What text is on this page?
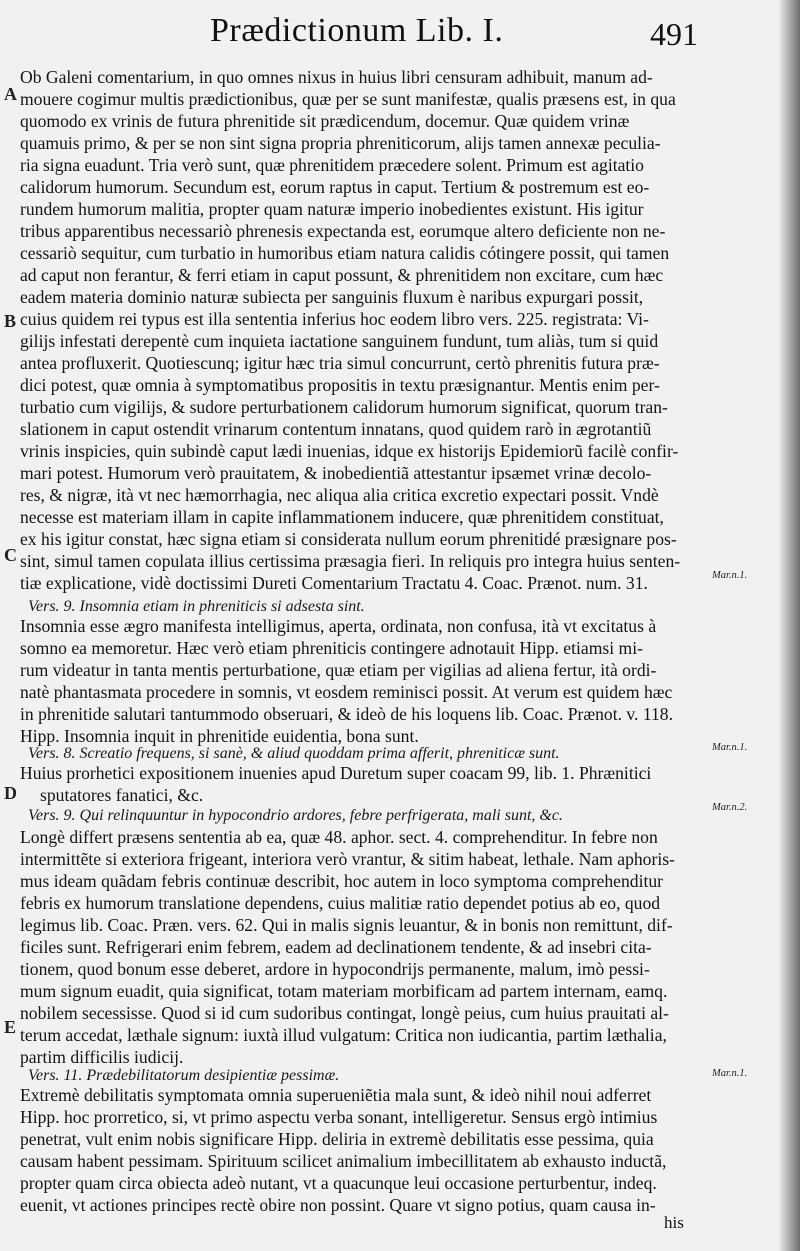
Prædictionum Lib. I.	491
A
B
C
D
E
Ob Galeni comentarium, in quo omnes nixus in huius libri censuram adhibuit, manum ad-
mouere cogimur multis prædictionibus, quæ per se sunt manifestæ, qualis præsens est, in qua
quomodo ex vrinis de futura phrenitide sit prædicendum, docemur. Quæ quidem vrinæ
quamuis primo, & per se non sint signa propria phreniticorum, alijs tamen annexæ peculia-
ria signa euadunt. Tria verò sunt, quæ phrenitidem præcedere solent. Primum est agitatio
calidorum humorum. Secundum est, eorum raptus in caput. Tertium & postremum est eo-
rundem humorum malitia, propter quam naturæ imperio inobedientes existunt. His igitur
tribus apparentibus necessariò phrenesis expectanda est, eorumque altero deficiente non ne-
cessariò sequitur, cum turbatio in humoribus etiam natura calidis cótingere possit, qui tamen
ad caput non ferantur, & ferri etiam in caput possunt, & phrenitidem non excitare, cum hæc
eadem materia dominio naturæ subiecta per sanguinis fluxum è naribus expurgari possit,
cuius quidem rei typus est illa sententia inferius hoc eodem libro vers. 225. registrata: Vi-
gilijs infestati derepentè cum inquieta iactatione sanguinem fundunt, tum aliàs, tum si quid
antea profluxerit. Quotiescunq; igitur hæc tria simul concurrunt, certò phrenitis futura præ-
dici potest, quæ omnia à symptomatibus propositis in textu præsignantur. Mentis enim per-
turbatio cum vigilijs, & sudore perturbationem calidorum humorum significat, quorum tran-
slationem in caput ostendit vrinarum contentum innatans, quod quidem rarò in ægrotantiũ
vrinis inspicies, quin subindè caput lædi inuenias, idque ex historijs Epidemiorũ facilè confir-
mari potest. Humorum verò prauitatem, & inobedientiã attestantur ipsæmet vrinæ decolo-
res, & nigræ, ità vt nec hæmorrhagia, nec aliqua alia critica excretio expectari possit. Vndè
necesse est materiam illam in capite inflammationem inducere, quæ phrenitidem constituat,
ex his igitur constat, hæc signa etiam si considerata nullum eorum phrenitidé præsignare pos-
sint, simul tamen copulata illius certissima præsagia fieri. In reliquis pro integra huius senten-
tiæ explicatione, vidè doctissimi Dureti Comentarium Tractatu 4. Coac. Prænot. num. 31.
Vers. 9. Insomnia etiam in phreniticis si adsesta sint.
Insomnia esse ægro manifesta intelligimus, aperta, ordinata, non confusa, ità vt excitatus à
somno ea memoretur. Hæc verò etiam phreniticis contingere adnotauit Hipp. etiamsi mi-
rum videatur in tanta mentis perturbatione, quæ etiam per vigilias ad aliena fertur, ità ordi-
natè phantasmata procedere in somnis, vt eosdem reminisci possit. At verum est quidem hæc
in phrenitide salutari tantummodo obseruari, & ideò de his loquens lib. Coac. Prænot. v. 118.
Hipp. Insomnia inquit in phrenitide euidentia, bona sunt.
Vers. 8. Screatio frequens, si sanè, & aliud quoddam prima afferit, phreniticæ sunt.
Huius prorhetici expositionem inuenies apud Duretum super coacam 99, lib. 1. Phrænitici
sputatores fanatici, &c.
Vers. 9. Qui relinquuntur in hypocondrio ardores, febre perfrigerata, mali sunt, &c.
Longè differt præsens sententia ab ea, quæ 48. aphor. sect. 4. comprehenditur. In febre non
intermittẽte si exteriora frigeant, interiora verò vrantur, & sitim habeat, lethale. Nam aphoris-
mus ideam quãdam febris continuæ describit, hoc autem in loco symptoma comprehenditur
febris ex humorum translatione dependens, cuius malitiæ ratio dependet potius ab eo, quod
legimus lib. Coac. Præn. vers. 62. Qui in malis signis leuantur, & in bonis non remittunt, dif-
ficiles sunt. Refrigerari enim febrem, eadem ad declinationem tendente, & ad insebri cita-
tionem, quod bonum esse deberet, ardore in hypocondrijs permanente, malum, imò pessi-
mum signum euadit, quia significat, totam materiam morbificam ad partem internam, eamq.
nobilem secessisse. Quod si id cum sudoribus contingat, longè peius, cum huius prauitati al-
terum accedat, læthale signum: iuxtà illud vulgatum: Critica non iudicantia, partim læthalia,
partim difficilis iudicij.
Vers. 11. Prædebilitatorum desipientiæ pessimæ.
Extremè debilitatis symptomata omnia superueniẽtia mala sunt, & ideò nihil noui adferret
Hipp. hoc prorretico, si, vt primo aspectu verba sonant, intelligeretur. Sensus ergò intimius
penetrat, vult enim nobis significare Hipp. deliria in extremè debilitatis esse pessima, quia
causam habent pessimam. Spirituum scilicet animalium imbecillitatem ab exhausto inductã,
propter quam circa obiecta adeò nutant, vt a quacunque leui occasione perturbentur, indeq.
euenit, vt actiones principes rectè obire non possint. Quare vt signo potius, quam causa in-
Mar.n.1.
Mar.n.1.
Mar.n.2.
Mar.n.1.
his
